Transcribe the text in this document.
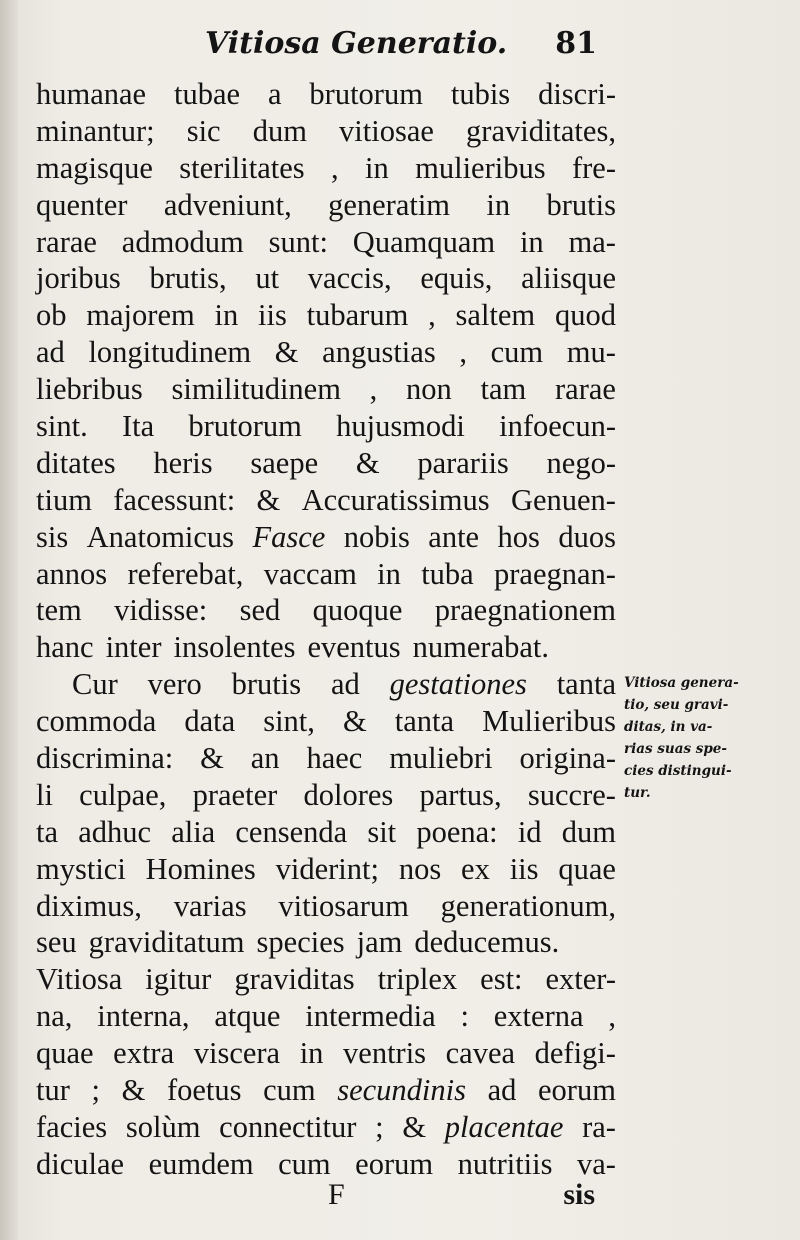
Vitiosa Generatio. 81
humanae tubae a brutorum tubis discri-
minantur; sic dum vitiosae graviditates,
magisque sterilitates , in mulieribus fre-
quenter adveniunt, generatim in brutis
rarae admodum sunt: Quamquam in ma-
joribus brutis, ut vaccis, equis, aliisque
ob majorem in iis tubarum , saltem quod
ad longitudinem & angustias , cum mu-
liebribus similitudinem , non tam rarae
sint. Ita brutorum hujusmodi infoecun-
ditates heris saepe & parariis nego-
tium facessunt: & Accuratissimus Genuen-
sis Anatomicus Fasce nobis ante hos duos
annos referebat, vaccam in tuba praegnan-
tem vidisse: sed quoque praegnationem
hanc inter insolentes eventus numerabat.
Cur vero brutis ad gestationes tanta
commoda data sint, & tanta Mulieribus
discrimina: & an haec muliebri origina-
li culpae, praeter dolores partus, succre-
ta adhuc alia censenda sit poena: id dum
mystici Homines viderint; nos ex iis quae
diximus, varias vitiosarum generationum,
seu graviditatum species jam deducemus.
Vitiosa igitur graviditas triplex est: exter-
na, interna, atque intermedia : externa ,
quae extra viscera in ventris cavea defigi-
tur ; & foetus cum secundinis ad eorum
facies solùm connectitur ; & placentae ra-
diculae eumdem cum eorum nutritiis va-
Vitiosa genera-
tio, seu gravi-
ditas, in va-
rias suas spe-
cies distingui-
tur.
F	sis
